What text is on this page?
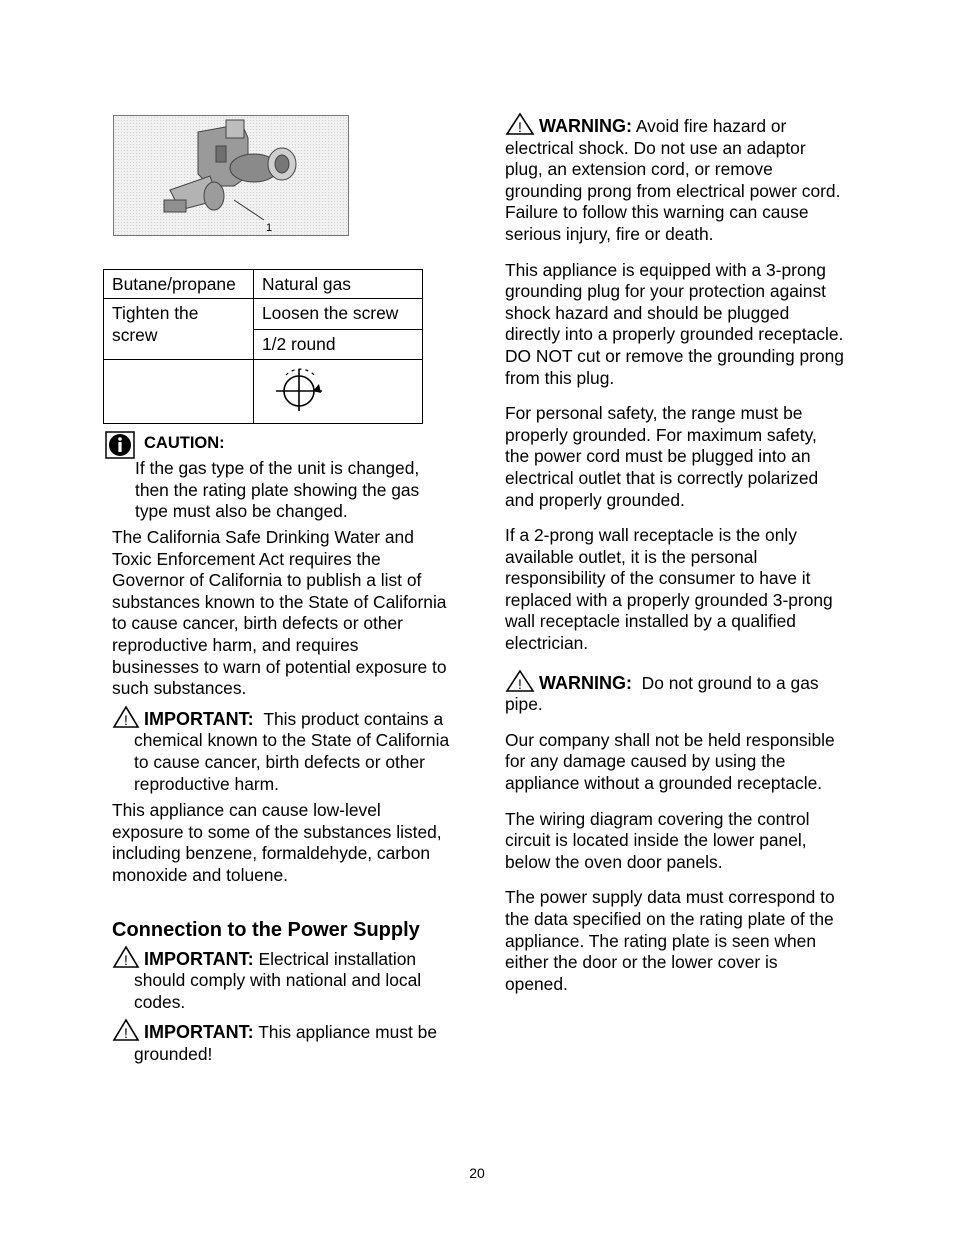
1
Butane/propane	Natural gas
Tighten the screw	Loosen the screw
	1/2 round

CAUTION:

If the gas type of the unit is changed, then the rating plate showing the gas type must also be changed.

The California Safe Drinking Water and Toxic Enforcement Act requires the Governor of California to publish a list of substances known to the State of California to cause cancer, birth defects or other reproductive harm, and requires businesses to warn of potential exposure to such substances.

! IMPORTANT: This product contains a chemical known to the State of California to cause cancer, birth defects or other reproductive harm.

This appliance can cause low-level exposure to some of the substances listed, including benzene, formaldehyde, carbon monoxide and toluene.

Connection to the Power Supply

! IMPORTANT: Electrical installation should comply with national and local codes.

! IMPORTANT: This appliance must be grounded!

! WARNING: Avoid fire hazard or electrical shock. Do not use an adaptor plug, an extension cord, or remove grounding prong from electrical power cord. Failure to follow this warning can cause serious injury, fire or death.

This appliance is equipped with a 3-prong grounding plug for your protection against shock hazard and should be plugged directly into a properly grounded receptacle. DO NOT cut or remove the grounding prong from this plug.

For personal safety, the range must be properly grounded. For maximum safety, the power cord must be plugged into an electrical outlet that is correctly polarized and properly grounded.

If a 2-prong wall receptacle is the only available outlet, it is the personal responsibility of the consumer to have it replaced with a properly grounded 3-prong wall receptacle installed by a qualified electrician.

! WARNING: Do not ground to a gas pipe.

Our company shall not be held responsible for any damage caused by using the appliance without a grounded receptacle.

The wiring diagram covering the control circuit is located inside the lower panel, below the oven door panels.

The power supply data must correspond to the data specified on the rating plate of the appliance. The rating plate is seen when either the door or the lower cover is opened.

20
